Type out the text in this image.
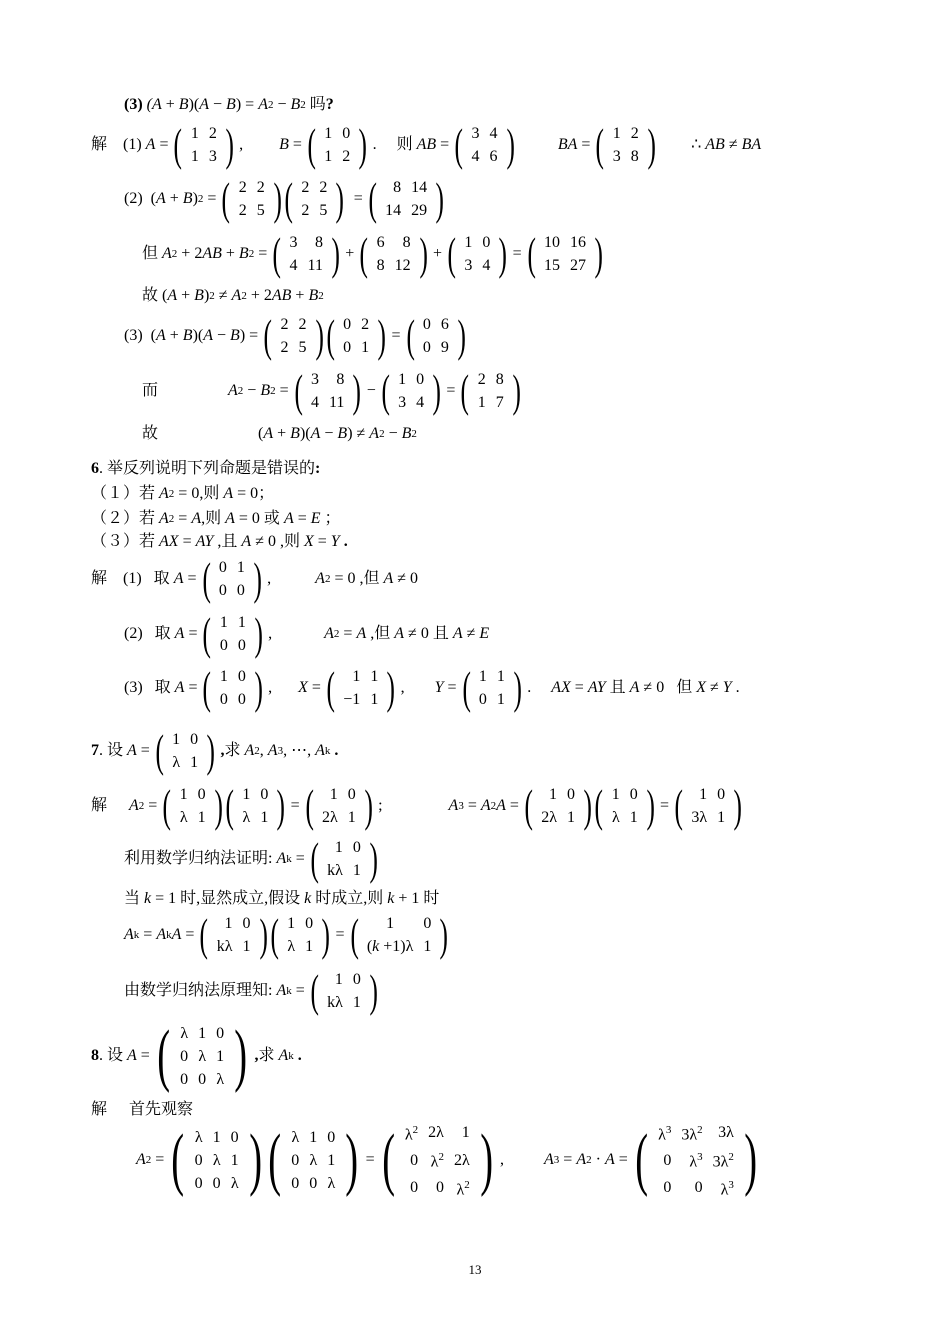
(3)
(A + B )( A − B ) = A 2 − B 2 吗 ?
解 (1) A = ( 1	2
1	3 ) , B = ( 1	0
1	2 ) .
则 AB = ( 3	4
4	6 )	BA = ( 1	2
3	8 ) ∴ AB ≠ BA
(2)  ( A + B ) 2 = ( 2	2
2	5 ) ( 2	2
2	5 ) = ( 8	14
14	29 )
但 A 2 + 2 AB + B 2 = ( 3	8
4	11 ) + ( 6	8
8	12 ) + ( 1	0
3	4 ) = ( 10	16
15	27 )
故 ( A + B ) 2 ≠ A 2 + 2 AB + B 2
(3)  ( A + B )( A − B ) = ( 2	2
2	5 ) ( 0	2
0	1 ) = ( 0	6
0	9 )
而	A 2 − B 2 = ( 3	8
4	11 ) − ( 1	0
3	4 ) = ( 2	8
1	7 )
故	( A + B )( A − B ) ≠ A 2 − B 2
6 . 举反列说明下列命题是错误的 :
（１）若 A 2 = 0,则 A = 0；
（２）若 A 2 = A ,则 A = 0 或 A = E ；
（３）若 AX = AY ,且 A ≠ 0 ,则 X = Y
.
解 (1)   取 A = ( 0	1
0	0 ) ,	A 2 = 0 ,但 A ≠ 0
(2)   取 A = ( 1	1
0	0 ) ,	A 2 = A ,但 A ≠ 0 且 A ≠ E
(3)   取 A = ( 1	0
0	0 ) , X = ( 1	1
−1	1 ) , Y = ( 1	1
0	1 ) . AX = AY 且 A ≠ 0   但 X ≠ Y .
7 . 设 A = ( 1	0
λ	1 ) , 求 A 2 , A 3 , ⋯, A k
.
解 A 2 = ( 1	0
λ	1 ) ( 1	0
λ	1 ) = ( 1	0
2λ	1 ) ;	A 3 = A 2 A = ( 1	0
2λ	1 ) ( 1	0
λ	1 ) = ( 1	0
3λ	1 )
利用数学归纳法证明:
A k = ( 1	0
kλ	1 )
当 k = 1 时,显然成立,假设 k 时成立,则 k + 1 时
A k = A k A = ( 1	0
kλ	1 ) ( 1	0
λ	1 ) = ( 1	0
(k +1)λ	1 )
由数学归纳法原理知:
A k = ( 1	0
kλ	1 )
8 . 设 A = ( λ	1	0
0	λ	1
0	0	λ ) , 求 A k
.
解 首先观察
A 2 = ( λ	1	0
0	λ	1
0	0	λ ) ( λ	1	0
0	λ	1
0	0	λ ) = ( $\lambda^2$	2λ	1
0	$\lambda^2$	2λ
0	0	$\lambda^2$ ) ,	A 3 = A 2 · A = ( $\lambda^3$	$3\lambda^2$	3λ
0	$\lambda^3$	$3\lambda^2$
0	0	$\lambda^3$ )
13
